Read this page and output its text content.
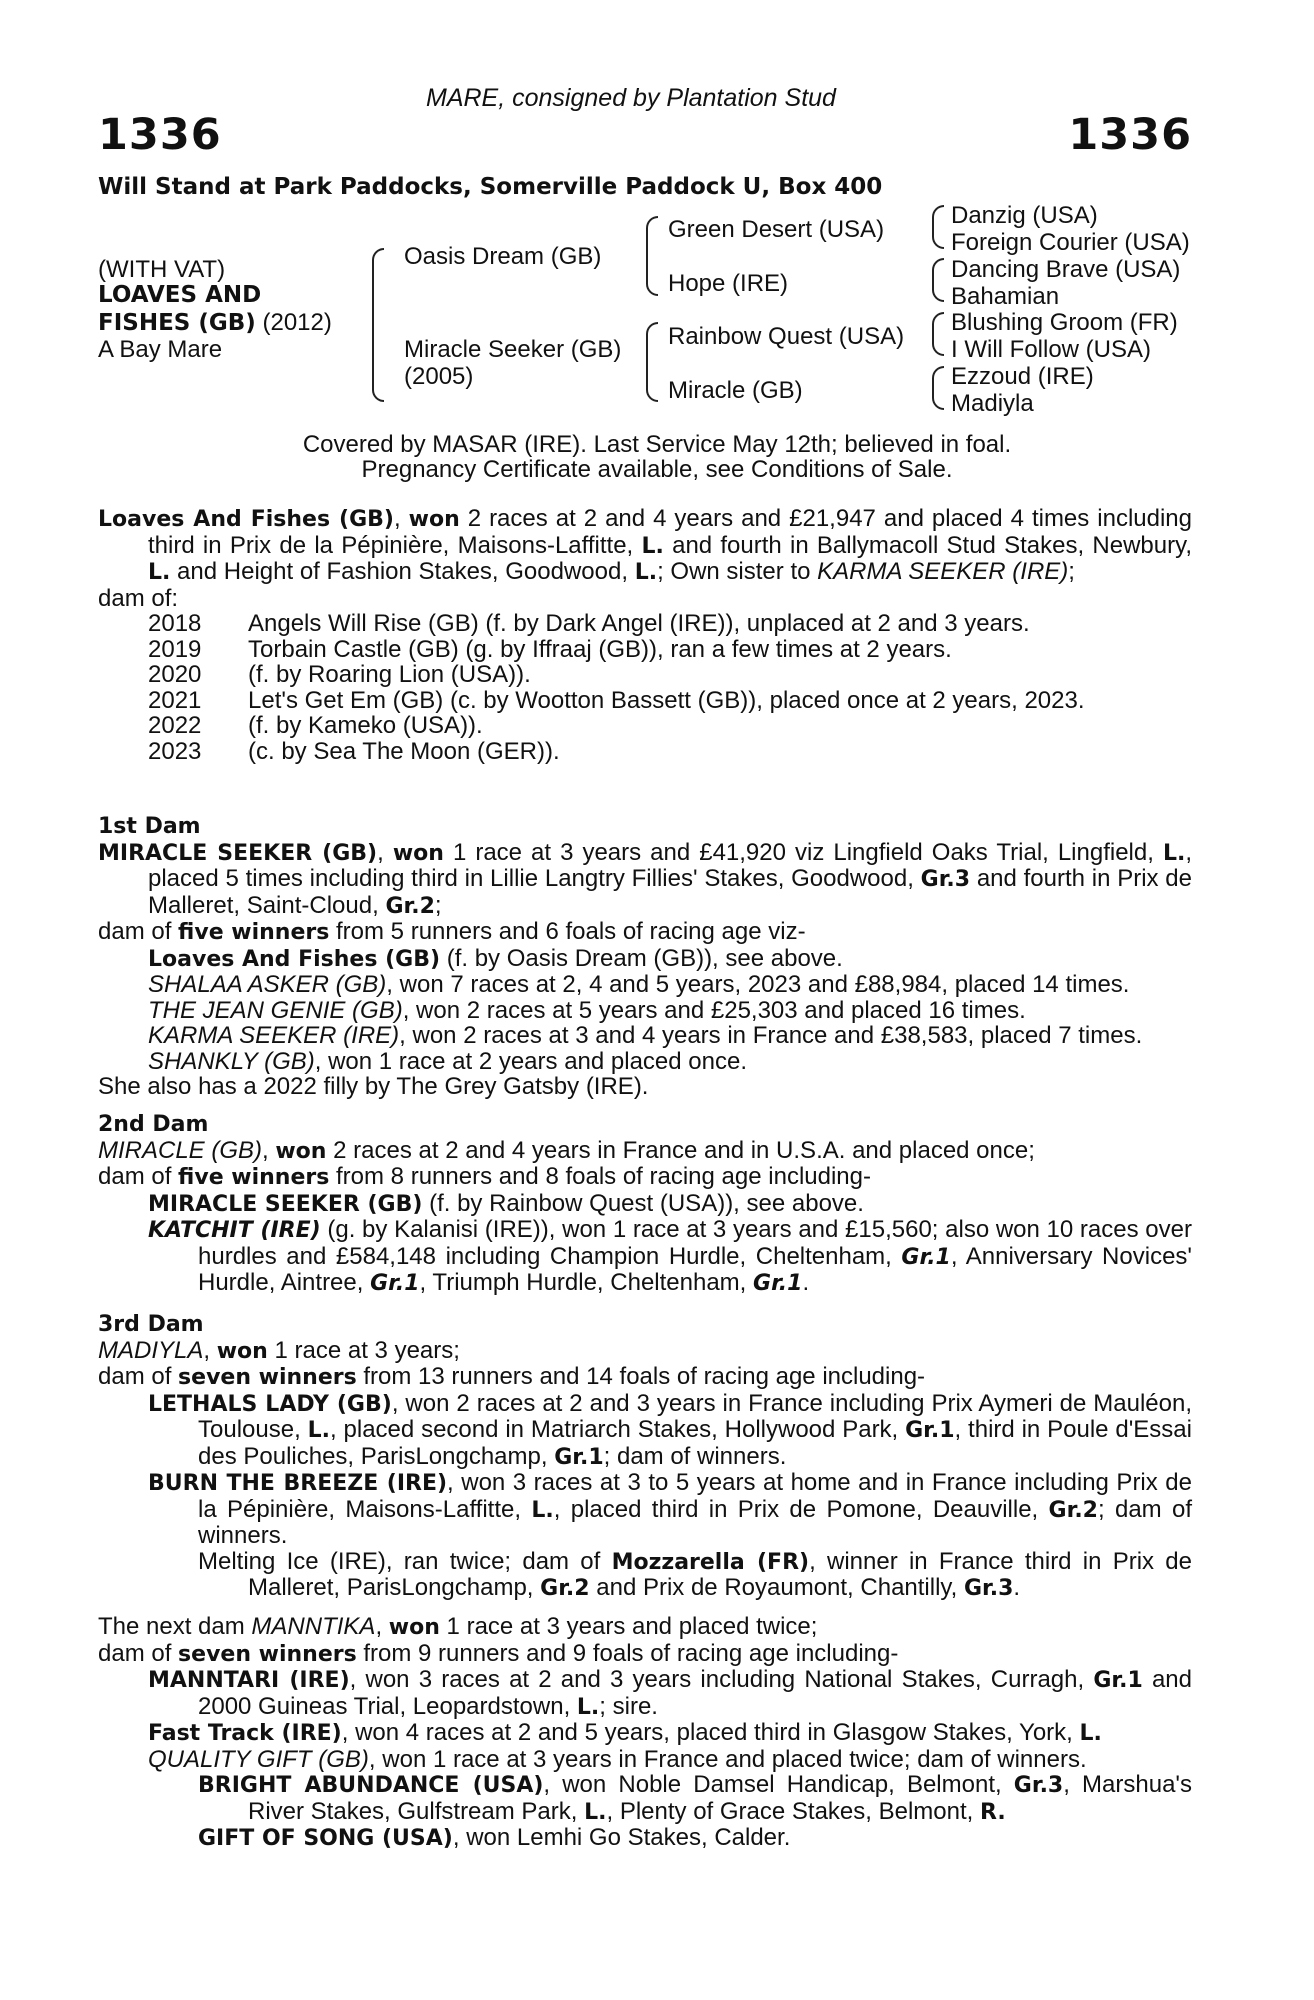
MARE, consigned by Plantation Stud
1336	1336
Will Stand at Park Paddocks, Somerville Paddock U, Box 400
(WITH VAT)
LOAVES AND
FISHES (GB) (2012)
A Bay Mare
Oasis Dream (GB)
Miracle Seeker (GB)
(2005)
Green Desert (USA)
Hope (IRE)
Rainbow Quest (USA)
Miracle (GB)
Danzig (USA)
Foreign Courier (USA)
Dancing Brave (USA)
Bahamian
Blushing Groom (FR)
I Will Follow (USA)
Ezzoud (IRE)
Madiyla
Covered by MASAR (IRE). Last Service May 12th; believed in foal.
Pregnancy Certificate available, see Conditions of Sale.
Loaves And Fishes (GB), won 2 races at 2 and 4 years and £21,947 and placed 4 times including third in Prix de la Pépinière, Maisons-Laffitte, L. and fourth in Ballymacoll Stud Stakes, Newbury, L. and Height of Fashion Stakes, Goodwood, L.; Own sister to KARMA SEEKER (IRE);
dam of:
2018 Angels Will Rise (GB) (f. by Dark Angel (IRE)), unplaced at 2 and 3 years.
2019 Torbain Castle (GB) (g. by Iffraaj (GB)), ran a few times at 2 years.
2020 (f. by Roaring Lion (USA)).
2021 Let's Get Em (GB) (c. by Wootton Bassett (GB)), placed once at 2 years, 2023.
2022 (f. by Kameko (USA)).
2023 (c. by Sea The Moon (GER)).
1st Dam
MIRACLE SEEKER (GB), won 1 race at 3 years and £41,920 viz Lingfield Oaks Trial, Lingfield, L., placed 5 times including third in Lillie Langtry Fillies' Stakes, Goodwood, Gr.3 and fourth in Prix de Malleret, Saint-Cloud, Gr.2;
dam of five winners from 5 runners and 6 foals of racing age viz-
Loaves And Fishes (GB) (f. by Oasis Dream (GB)), see above.
SHALAA ASKER (GB), won 7 races at 2, 4 and 5 years, 2023 and £88,984, placed 14 times.
THE JEAN GENIE (GB), won 2 races at 5 years and £25,303 and placed 16 times.
KARMA SEEKER (IRE), won 2 races at 3 and 4 years in France and £38,583, placed 7 times.
SHANKLY (GB), won 1 race at 2 years and placed once.
She also has a 2022 filly by The Grey Gatsby (IRE).
2nd Dam
MIRACLE (GB), won 2 races at 2 and 4 years in France and in U.S.A. and placed once;
dam of five winners from 8 runners and 8 foals of racing age including-
MIRACLE SEEKER (GB) (f. by Rainbow Quest (USA)), see above.
KATCHIT (IRE) (g. by Kalanisi (IRE)), won 1 race at 3 years and £15,560; also won 10 races over hurdles and £584,148 including Champion Hurdle, Cheltenham, Gr.1, Anniversary Novices' Hurdle, Aintree, Gr.1, Triumph Hurdle, Cheltenham, Gr.1.
3rd Dam
MADIYLA, won 1 race at 3 years;
dam of seven winners from 13 runners and 14 foals of racing age including-
LETHALS LADY (GB), won 2 races at 2 and 3 years in France including Prix Aymeri de Mauléon, Toulouse, L., placed second in Matriarch Stakes, Hollywood Park, Gr.1, third in Poule d'Essai des Pouliches, ParisLongchamp, Gr.1; dam of winners.
BURN THE BREEZE (IRE), won 3 races at 3 to 5 years at home and in France including Prix de la Pépinière, Maisons-Laffitte, L., placed third in Prix de Pomone, Deauville, Gr.2; dam of winners.
Melting Ice (IRE), ran twice; dam of Mozzarella (FR), winner in France third in Prix de Malleret, ParisLongchamp, Gr.2 and Prix de Royaumont, Chantilly, Gr.3.
The next dam MANNTIKA, won 1 race at 3 years and placed twice;
dam of seven winners from 9 runners and 9 foals of racing age including-
MANNTARI (IRE), won 3 races at 2 and 3 years including National Stakes, Curragh, Gr.1 and 2000 Guineas Trial, Leopardstown, L.; sire.
Fast Track (IRE), won 4 races at 2 and 5 years, placed third in Glasgow Stakes, York, L.
QUALITY GIFT (GB), won 1 race at 3 years in France and placed twice; dam of winners.
BRIGHT ABUNDANCE (USA), won Noble Damsel Handicap, Belmont, Gr.3, Marshua's River Stakes, Gulfstream Park, L., Plenty of Grace Stakes, Belmont, R.
GIFT OF SONG (USA), won Lemhi Go Stakes, Calder.
